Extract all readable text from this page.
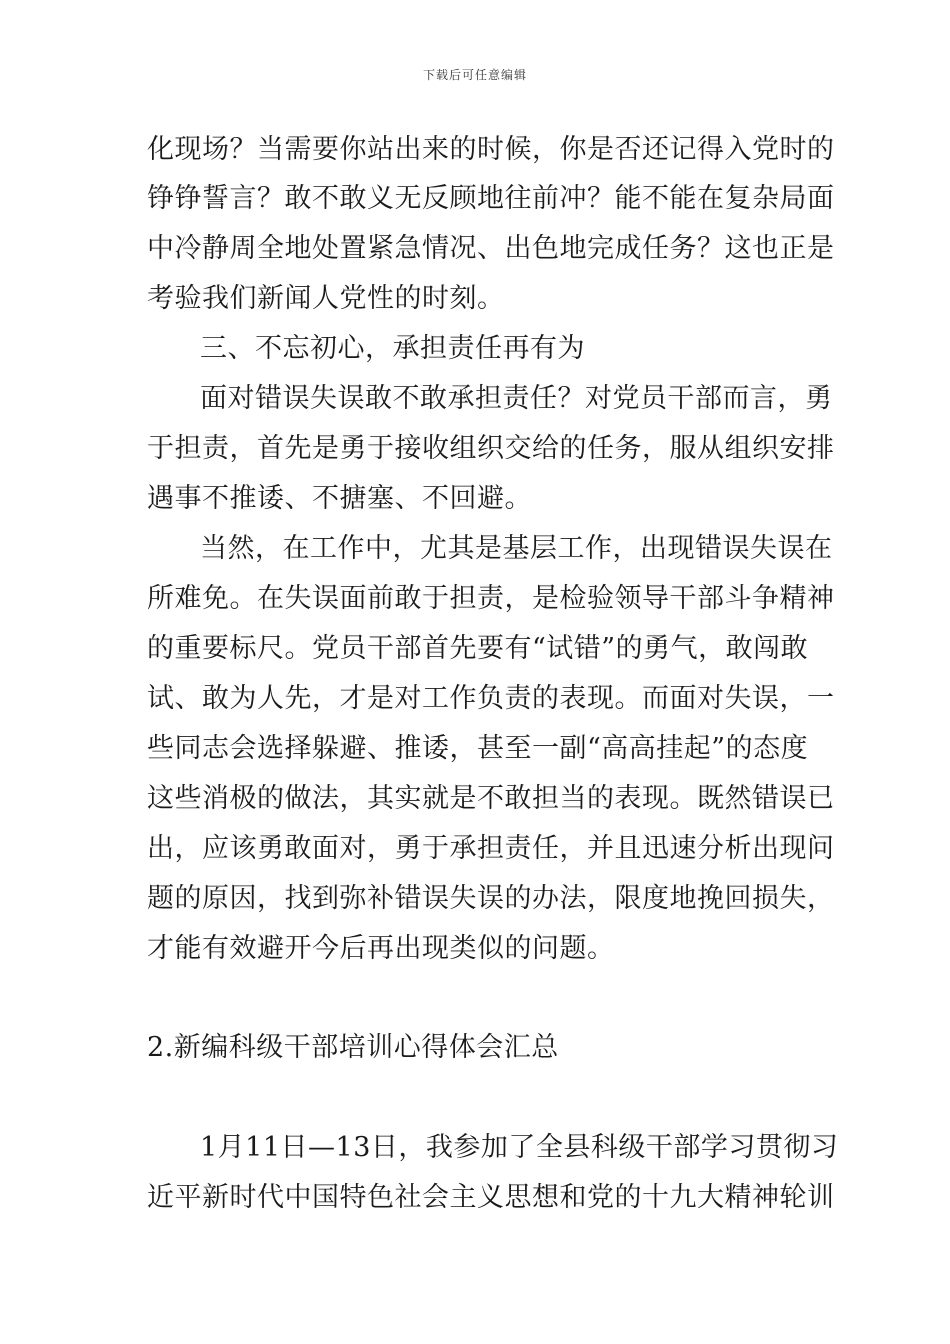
下载后可任意编辑
化现场？当需要你站出来的时候，你是否还记得入党时的
铮铮誓言？敢不敢义无反顾地往前冲？能不能在复杂局面
中冷静周全地处置紧急情况、出色地完成任务？这也正是
考验我们新闻人党性的时刻。
三、不忘初心，承担责任再有为
面对错误失误敢不敢承担责任？对党员干部而言，勇
于担责，首先是勇于接收组织交给的任务，服从组织安排
遇事不推诿、不搪塞、不回避。
当然，在工作中，尤其是基层工作，出现错误失误在
所难免。在失误面前敢于担责，是检验领导干部斗争精神
的重要标尺。党员干部首先要有“试错”的勇气，敢闯敢
试、敢为人先，才是对工作负责的表现。而面对失误，一
些同志会选择躲避、推诿，甚至一副“高高挂起”的态度
这些消极的做法，其实就是不敢担当的表现。既然错误已
出，应该勇敢面对，勇于承担责任，并且迅速分析出现问
题的原因，找到弥补错误失误的办法，限度地挽回损失，
才能有效避开今后再出现类似的问题。
2.新编科级干部培训心得体会汇总
1月11日—13日，我参加了全县科级干部学习贯彻习
近平新时代中国特色社会主义思想和党的十九大精神轮训
